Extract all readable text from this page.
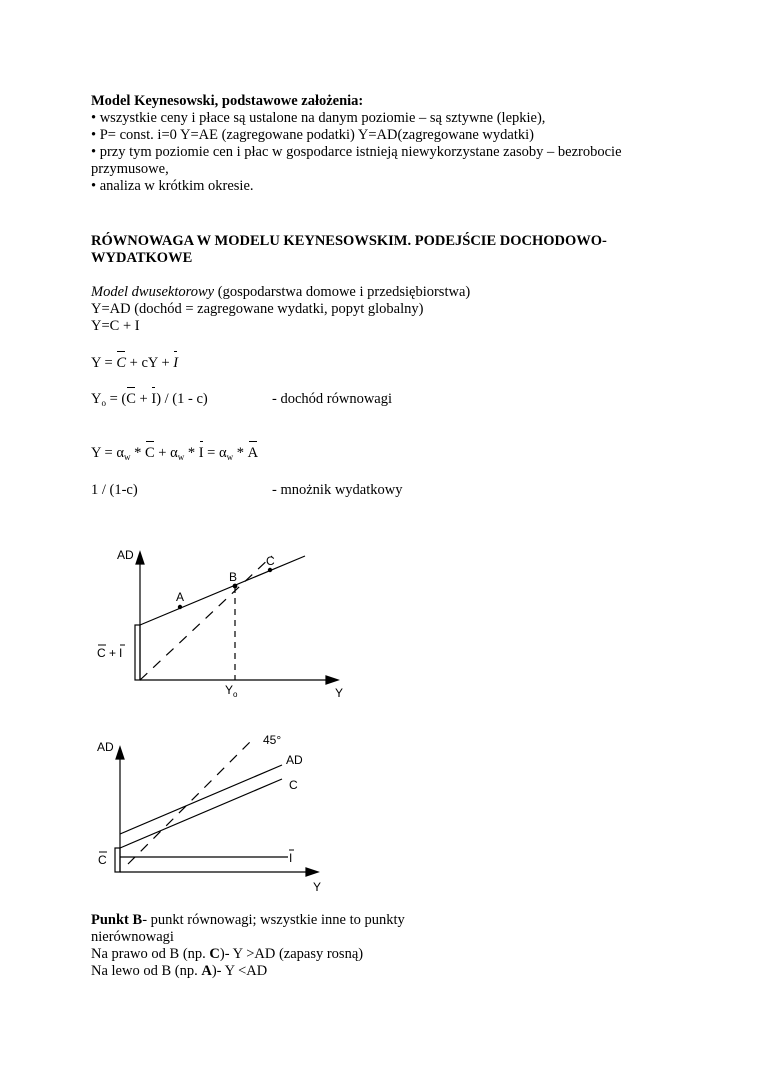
Model Keynesowski, podstawowe założenia:
• wszystkie ceny i płace są ustalone na danym poziomie – są sztywne (lepkie),
• P= const. i=0 Y=AE (zagregowane podatki) Y=AD(zagregowane wydatki)
• przy tym poziomie cen i płac w gospodarce istnieją niewykorzystane zasoby – bezrobocie
przymusowe,
• analiza w krótkim okresie.
RÓWNOWAGA W MODELU KEYNESOWSKIM. PODEJŚCIE DOCHODOWO-
WYDATKOWE
Model dwusektorowy (gospodarstwa domowe i przedsiębiorstwa)
Y=AD (dochód = zagregowane wydatki, popyt globalny)
Y=C + I
Y = C + cY + I
$Y_o = (C + I) / (1 - c)$	- dochód równowagi
$Y = \alpha_w * C + \alpha_w * I = \alpha_w * A$
1 / (1-c)	- mnożnik wydatkowy
AD
Y
A
B
C
C + I
$Y_o$
AD
Y
45°
AD
C
C	I
Punkt B- punkt równowagi; wszystkie inne to punkty
nierównowagi
Na prawo od B (np. C)- Y >AD (zapasy rosną)
Na lewo od B (np. A)- Y <AD
